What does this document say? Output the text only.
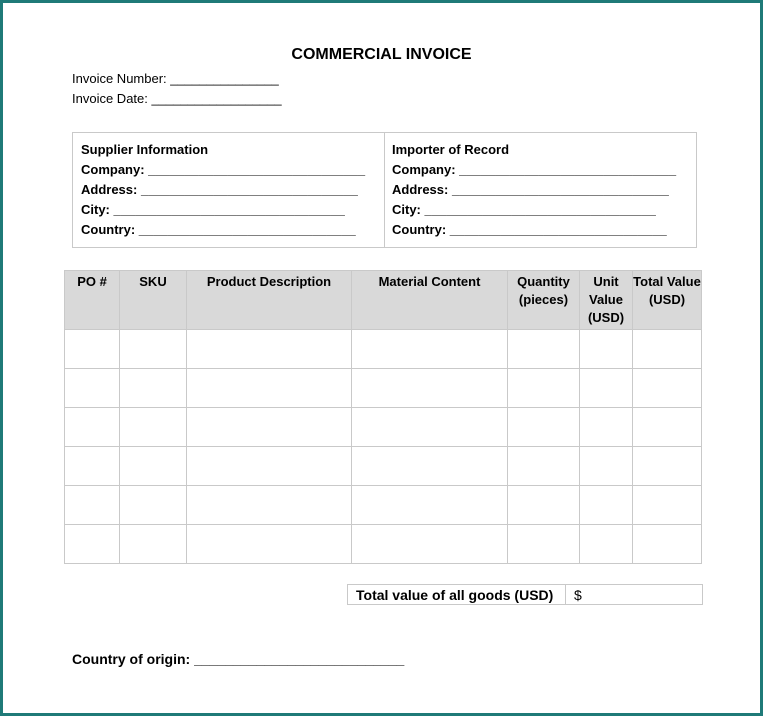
COMMERCIAL INVOICE
Invoice Number: _______________
Invoice Date: __________________
Supplier Information
Company: ______________________________
Address: ______________________________
City: ________________________________
Country: ______________________________
Importer of Record
Company: ______________________________
Address: ______________________________
City: ________________________________
Country: ______________________________
PO #	SKU	Product Description	Material Content	Quantity (pieces)	Unit Value (USD)	Total Value (USD)

Total value of all goods (USD) $
Country of origin: ___________________________
